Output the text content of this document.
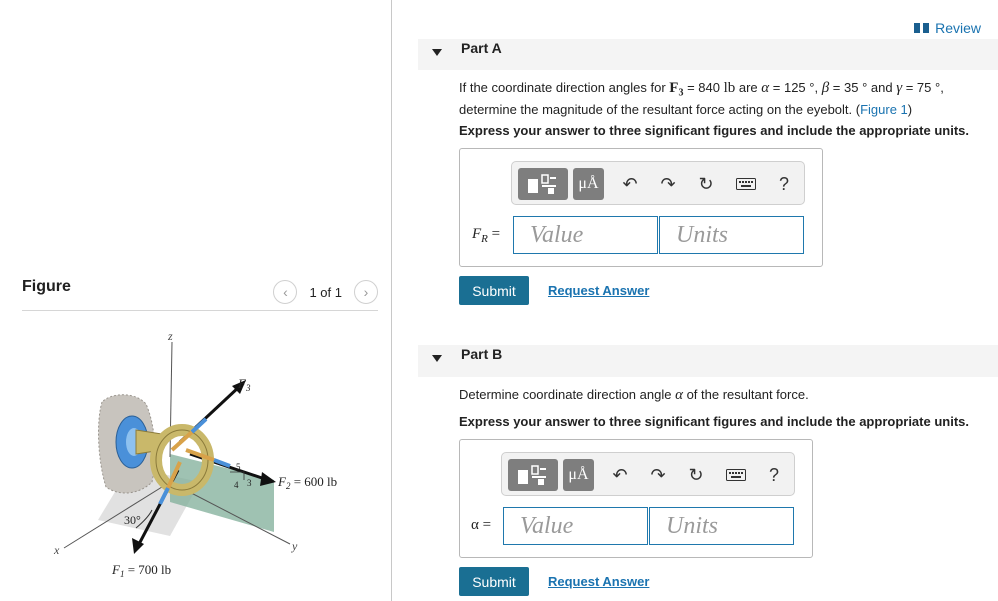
Figure	‹ 1 of 1 ›
z
y
x
$F_3$
$F_2 = 600$ lb
$F_1 = 700$ lb
30°
5
4 3
Review
Part A
If the coordinate direction angles for $F_3 = 840$ lb are α = 125 °, β = 35 ° and γ = 75 °,
determine the magnitude of the resultant force acting on the eyebolt. (Figure 1)
Express your answer to three significant figures and include the appropriate units.
μÅ ↶ ↷ ↻	?
$F_R$ =
Value
Units
Submit	Request Answer
Part B
Determine coordinate direction angle α of the resultant force.
Express your answer to three significant figures and include the appropriate units.
μÅ ↶ ↷ ↻	?
α =
Value
Units
Submit	Request Answer
